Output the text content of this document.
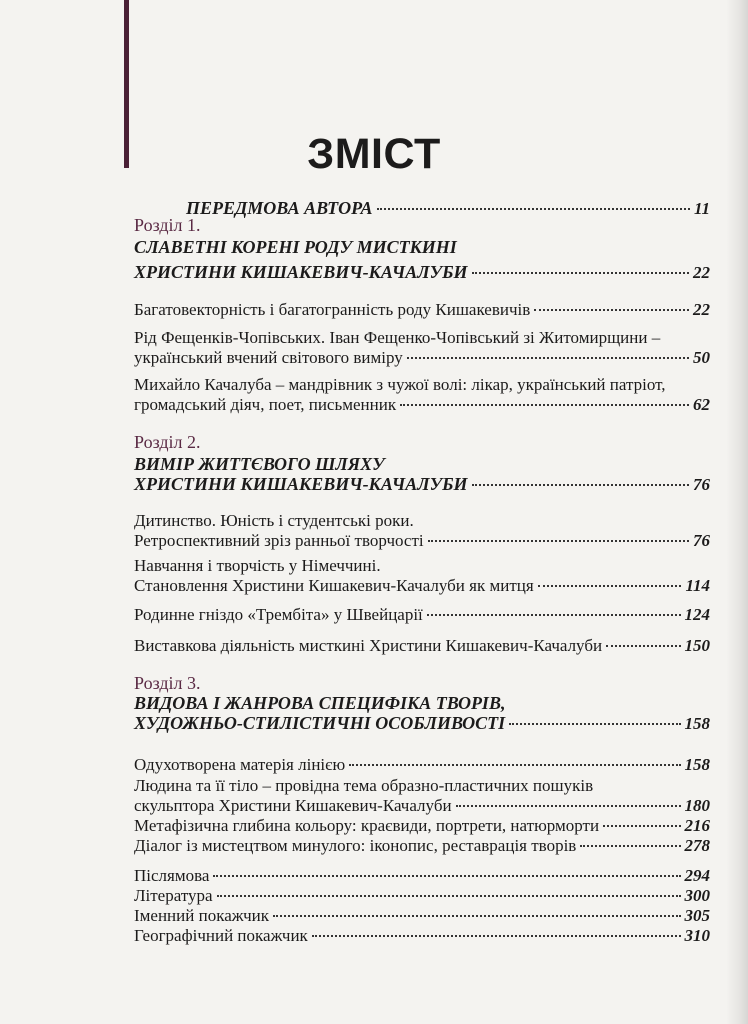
ЗМІСТ
ПЕРЕДМОВА АВТОРА	11
Розділ 1.
СЛАВЕТНІ КОРЕНІ РОДУ МИСТКИНІ
ХРИСТИНИ КИШАКЕВИЧ-КАЧАЛУБИ	22
Багатовекторність і багатогранність роду Кишакевичів	22
Рід Фещенків-Чопівських. Іван Фещенко-Чопівський зі Житомирщини –
український вчений світового виміру	50
Михайло Качалуба – мандрівник з чужої волі: лікар, український патріот,
громадський діяч, поет, письменник	62
Розділ 2.
ВИМІР ЖИТТЄВОГО ШЛЯХУ
ХРИСТИНИ КИШАКЕВИЧ-КАЧАЛУБИ	76
Дитинство. Юність і студентські роки.
Ретроспективний зріз ранньої творчості	76
Навчання і творчість у Німеччині.
Становлення Христини Кишакевич-Качалуби як митця	114
Родинне гніздо «Трембіта» у Швейцарії	124
Виставкова діяльність мисткині Христини Кишакевич-Качалуби	150
Розділ 3.
ВИДОВА І ЖАНРОВА СПЕЦИФІКА ТВОРІВ,
ХУДОЖНЬО-СТИЛІСТИЧНІ ОСОБЛИВОСТІ	158
Одухотворена матерія лінією	158
Людина та її тіло – провідна тема образно-пластичних пошуків
скульптора Христини Кишакевич-Качалуби	180
Метафізична глибина кольору: краєвиди, портрети, натюрморти	216
Діалог із мистецтвом минулого: іконопис, реставрація творів	278
Післямова	294
Література	300
Іменний покажчик	305
Географічний покажчик	310
